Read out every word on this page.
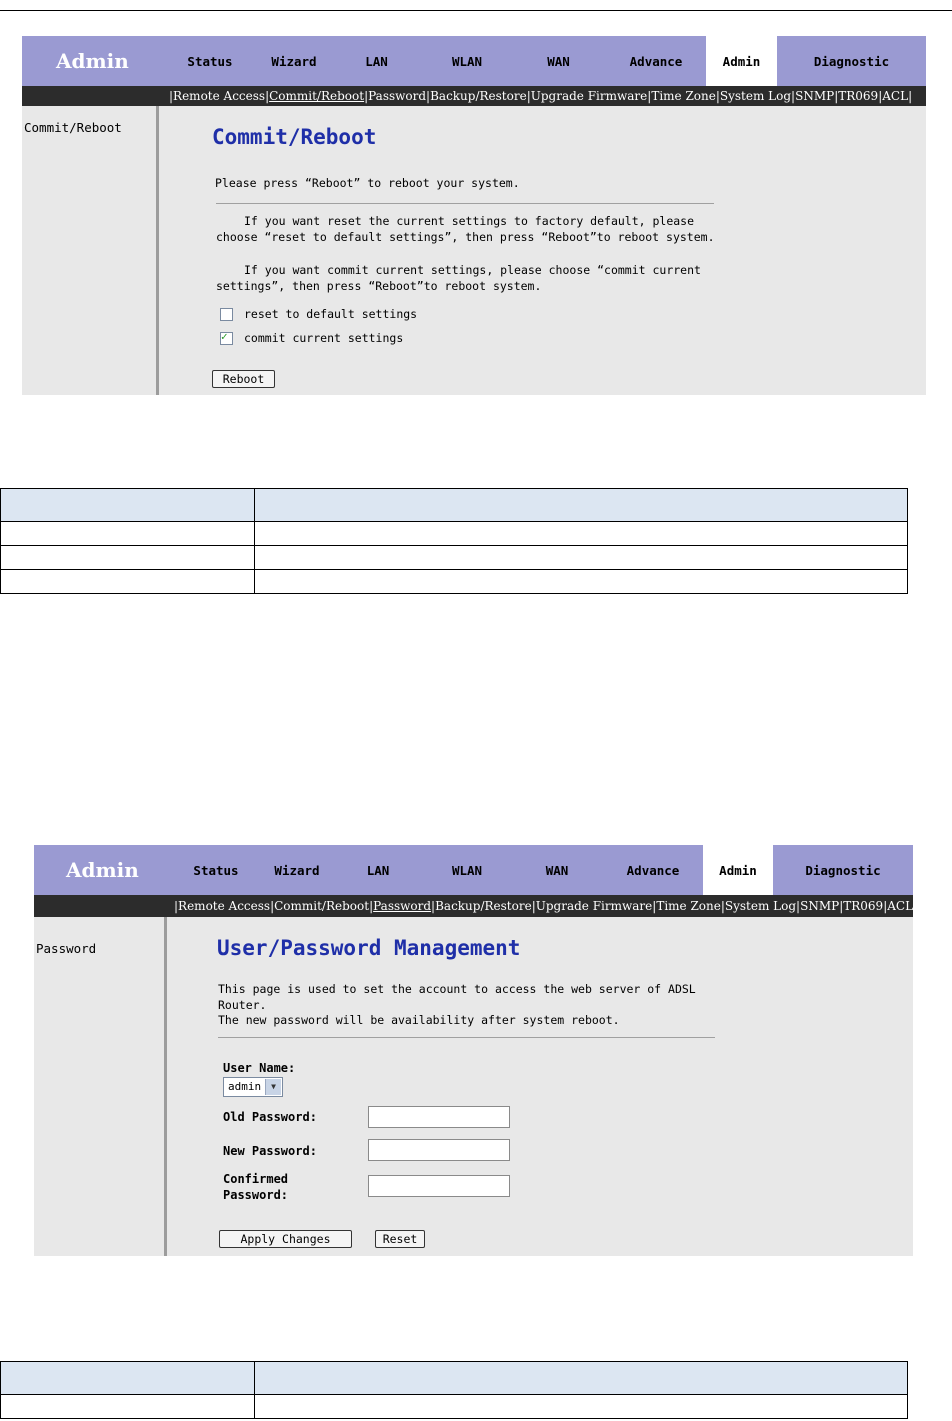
Admin	Status	Wizard	LAN	WLAN	WAN	Advance	Admin	Diagnostic
|Remote Access|Commit/Reboot|Password|Backup/Restore|Upgrade Firmware|Time Zone|System Log|SNMP|TR069|ACL|
Commit/Reboot	Commit/Reboot
Please press “Reboot” to reboot your system.
If you want reset the current settings to factory default, please choose “reset to default settings”, then press “Reboot”to reboot system.
If you want commit current settings, please choose “commit current settings”, then press “Reboot”to reboot system.
reset to default settings
✓
commit current settings
Reboot

Admin	Status	Wizard	LAN	WLAN	WAN	Advance	Admin	Diagnostic
|Remote Access|Commit/Reboot|Password|Backup/Restore|Upgrade Firmware|Time Zone|System Log|SNMP|TR069|ACL|
Password	User/Password Management
This page is used to set the account to access the web server of ADSL Router.
The new password will be availability after system reboot.
User Name:
admin	▼
Old Password:
New Password:
Confirmed Password:
Apply Changes	Reset
